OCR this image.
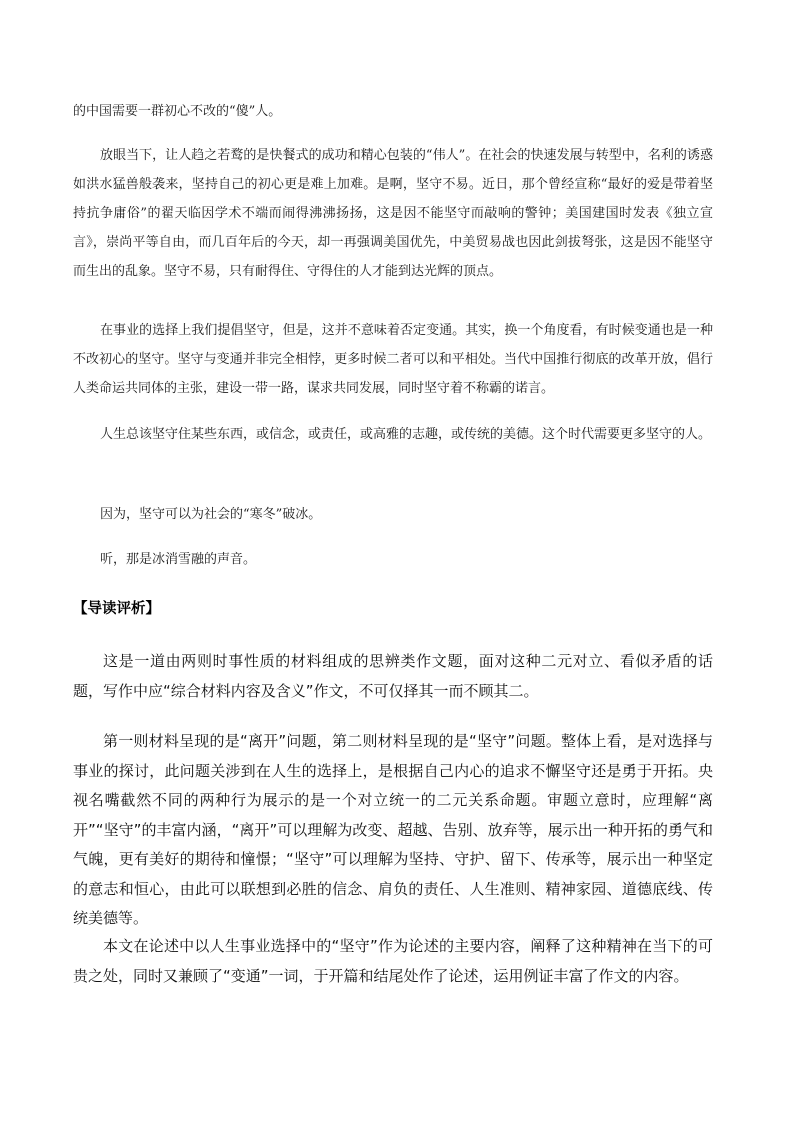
的中国需要一群初心不改的“傻”人。

放眼当下，让人趋之若鹜的是快餐式的成功和精心包装的“伟人”。在社会的快速发展与转型中，名利的诱惑如洪水猛兽般袭来，坚持自己的初心更是难上加难。是啊，坚守不易。近日，那个曾经宣称“最好的爱是带着坚持抗争庸俗”的翟天临因学术不端而闹得沸沸扬扬，这是因不能坚守而敲响的警钟；美国建国时发表《独立宣言》，崇尚平等自由，而几百年后的今天，却一再强调美国优先，中美贸易战也因此剑拔弩张，这是因不能坚守而生出的乱象。坚守不易，只有耐得住、守得住的人才能到达光辉的顶点。

在事业的选择上我们提倡坚守，但是，这并不意味着否定变通。其实，换一个角度看，有时候变通也是一种不改初心的坚守。坚守与变通并非完全相悖，更多时候二者可以和平相处。当代中国推行彻底的改革开放，倡行人类命运共同体的主张，建设一带一路，谋求共同发展，同时坚守着不称霸的诺言。

人生总该坚守住某些东西，或信念，或责任，或高雅的志趣，或传统的美德。这个时代需要更多坚守的人。

因为，坚守可以为社会的“寒冬”破冰。

听，那是冰消雪融的声音。

【导读评析】

这是一道由两则时事性质的材料组成的思辨类作文题，面对这种二元对立、看似矛盾的话题，写作中应“综合材料内容及含义”作文，不可仅择其一而不顾其二。

第一则材料呈现的是“离开”问题，第二则材料呈现的是“坚守”问题。整体上看，是对选择与事业的探讨，此问题关涉到在人生的选择上，是根据自己内心的追求不懈坚守还是勇于开拓。央视名嘴截然不同的两种行为展示的是一个对立统一的二元关系命题。审题立意时，应理解“离开”“坚守”的丰富内涵，“离开”可以理解为改变、超越、告别、放弃等，展示出一种开拓的勇气和气魄，更有美好的期待和憧憬；“坚守”可以理解为坚持、守护、留下、传承等，展示出一种坚定的意志和恒心，由此可以联想到必胜的信念、肩负的责任、人生准则、精神家园、道德底线、传统美德等。

本文在论述中以人生事业选择中的“坚守”作为论述的主要内容，阐释了这种精神在当下的可贵之处，同时又兼顾了“变通”一词，于开篇和结尾处作了论述，运用例证丰富了作文的内容。
